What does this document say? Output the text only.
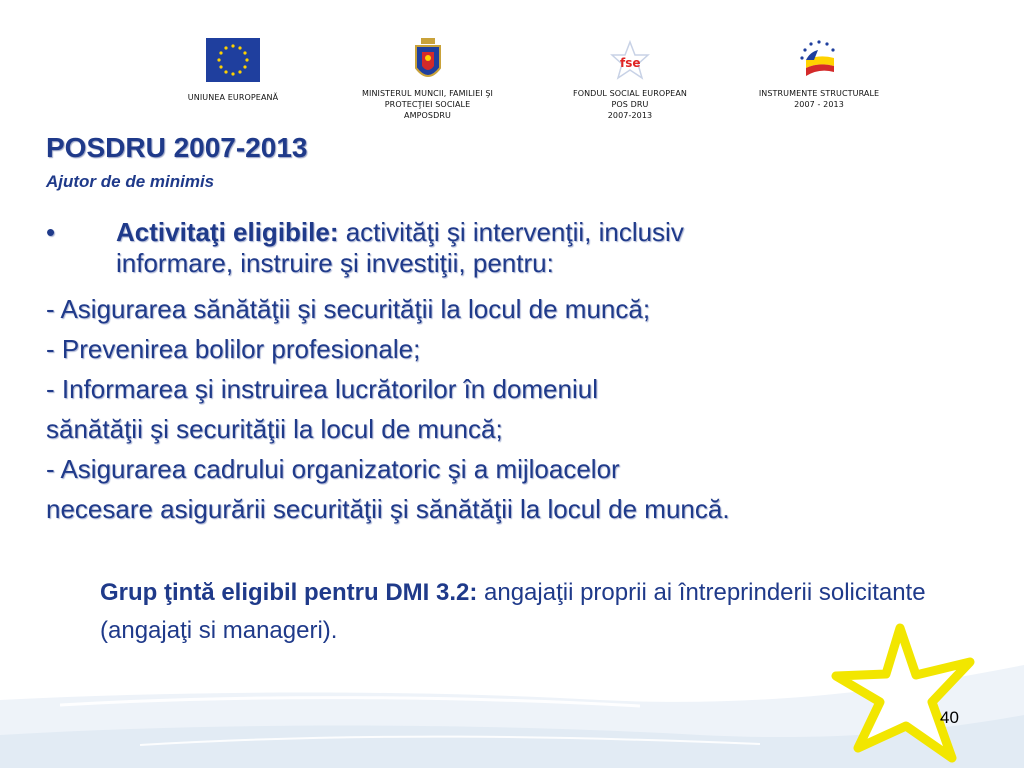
UNIUNEA EUROPEANĂ	MINISTERUL MUNCII, FAMILIEI ŞI
PROTECŢIEI SOCIALE
AMPOSDRU
fse
FONDUL SOCIAL EUROPEAN
POS DRU
2007-2013
INSTRUMENTE STRUCTURALE
2007 - 2013
POSDRU 2007-2013
Ajutor de de minimis
• Activitaţi eligibile: activităţi şi intervenţii, inclusiv
informare, instruire şi investiţii, pentru:
- Asigurarea sănătăţii şi securităţii la locul de muncă;
- Prevenirea bolilor profesionale;
- Informarea şi instruirea lucrătorilor în domeniul
sănătăţii şi securităţii la locul de muncă;
- Asigurarea cadrului organizatoric şi a mijloacelor
necesare asigurării securităţii şi sănătăţii la locul de muncă.
Grup ţintă eligibil pentru DMI 3.2: angajaţii proprii ai întreprinderii solicitante (angajaţi si manageri).
40
